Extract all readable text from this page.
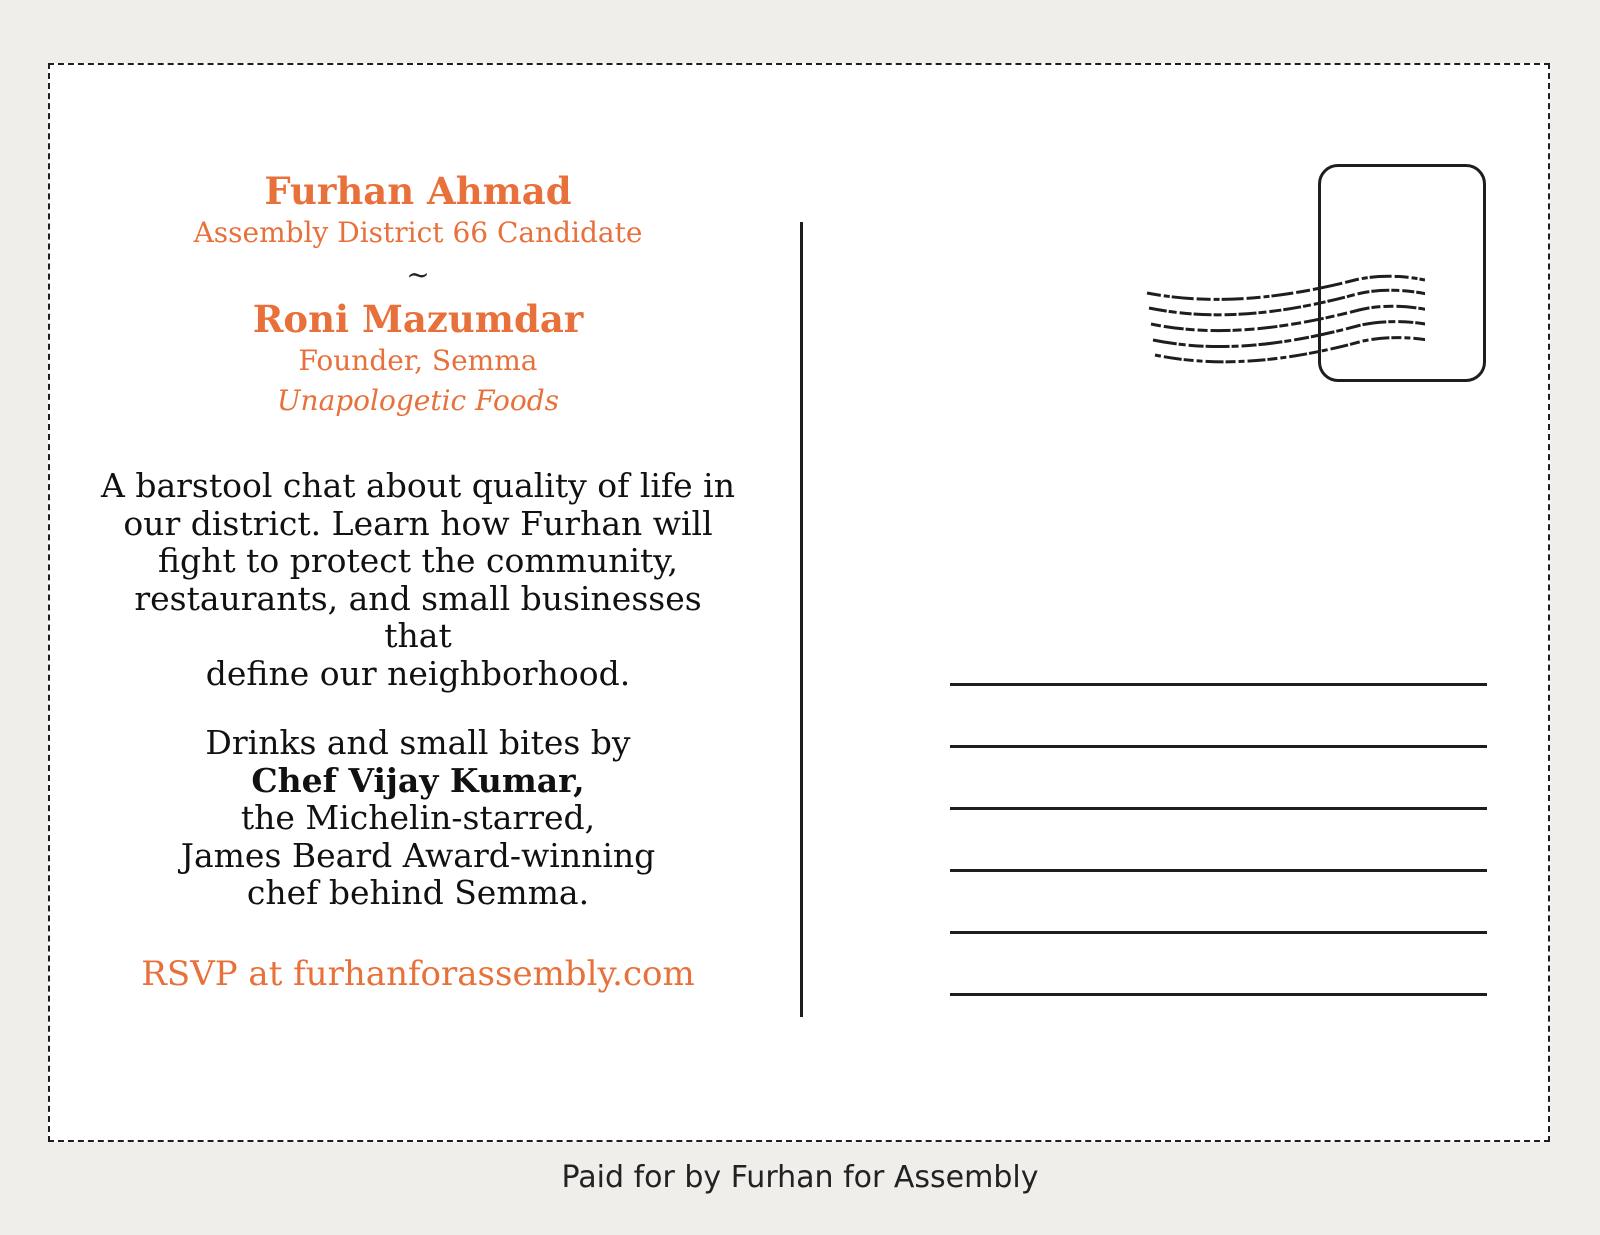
Furhan Ahmad

Assembly District 66 Candidate

~

Roni Mazumdar

Founder, Semma

Unapologetic Foods

A barstool chat about quality of life in
our district. Learn how Furhan will
fight to protect the community,
restaurants, and small businesses that
define our neighborhood.
Drinks and small bites by
Chef Vijay Kumar,
the Michelin-starred,
James Beard Award-winning
chef behind Semma.

RSVP at furhanforassembly.com

Paid for by Furhan for Assembly
